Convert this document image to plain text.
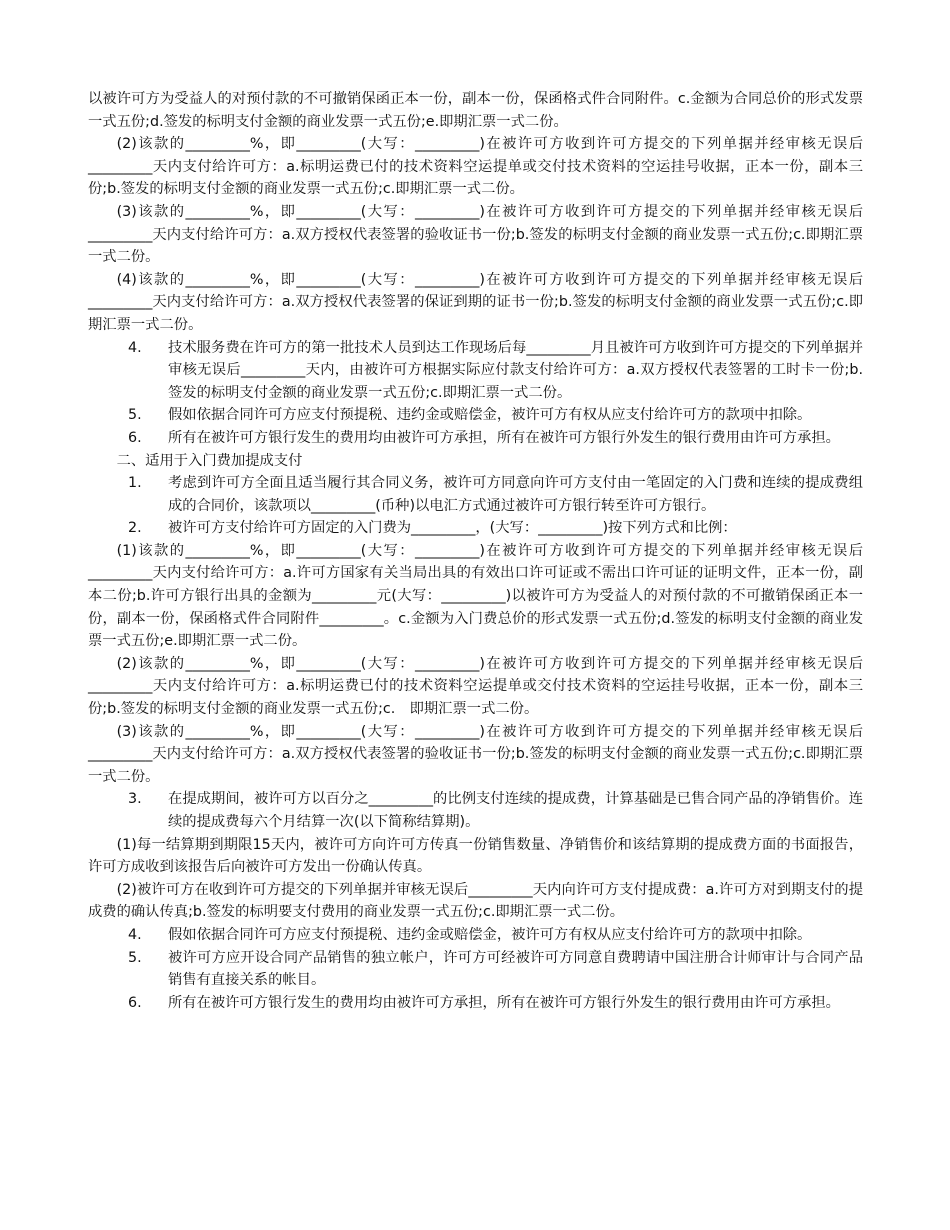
以被许可方为受益人的对预付款的不可撤销保函正本一份，副本一份，保函格式件合同附件。c.金额为合同总价的形式发票一式五份;d.签发的标明支付金额的商业发票一式五份;e.即期汇票一式二份。

(2)该款的_________%，即_________(大写：_________)在被许可方收到许可方提交的下列单据并经审核无误后_________天内支付给许可方：a.标明运费已付的技术资料空运提单或交付技术资料的空运挂号收据，正本一份，副本三份;b.签发的标明支付金额的商业发票一式五份;c.即期汇票一式二份。

(3)该款的_________%，即_________(大写：_________)在被许可方收到许可方提交的下列单据并经审核无误后_________天内支付给许可方：a.双方授权代表签署的验收证书一份;b.签发的标明支付金额的商业发票一式五份;c.即期汇票一式二份。

(4)该款的_________%，即_________(大写：_________)在被许可方收到许可方提交的下列单据并经审核无误后_________天内支付给许可方：a.双方授权代表签署的保证到期的证书一份;b.签发的标明支付金额的商业发票一式五份;c.即期汇票一式二份。

4. 技术服务费在许可方的第一批技术人员到达工作现场后每_________月且被许可方收到许可方提交的下列单据并审核无误后_________天内，由被许可方根据实际应付款支付给许可方：a.双方授权代表签署的工时卡一份;b.签发的标明支付金额的商业发票一式五份;c.即期汇票一式二份。
5. 假如依据合同许可方应支付预提税、违约金或赔偿金，被许可方有权从应支付给许可方的款项中扣除。
6. 所有在被许可方银行发生的费用均由被许可方承担，所有在被许可方银行外发生的银行费用由许可方承担。

二、适用于入门费加提成支付

1. 考虑到许可方全面且适当履行其合同义务，被许可方同意向许可方支付由一笔固定的入门费和连续的提成费组成的合同价，该款项以_________(币种)以电汇方式通过被许可方银行转至许可方银行。
2. 被许可方支付给许可方固定的入门费为_________，(大写：_________)按下列方式和比例：

(1)该款的_________%，即_________(大写：_________)在被许可方收到许可方提交的下列单据并经审核无误后_________天内支付给许可方：a.许可方国家有关当局出具的有效出口许可证或不需出口许可证的证明文件，正本一份，副本二份;b.许可方银行出具的金额为_________元(大写：_________)以被许可方为受益人的对预付款的不可撤销保函正本一份，副本一份，保函格式件合同附件_________。c.金额为入门费总价的形式发票一式五份;d.签发的标明支付金额的商业发票一式五份;e.即期汇票一式二份。

(2)该款的_________%，即_________(大写：_________)在被许可方收到许可方提交的下列单据并经审核无误后_________天内支付给许可方：a.标明运费已付的技术资料空运提单或交付技术资料的空运挂号收据，正本一份，副本三份;b.签发的标明支付金额的商业发票一式五份;c.　即期汇票一式二份。

(3)该款的_________%，即_________(大写：_________)在被许可方收到许可方提交的下列单据并经审核无误后_________天内支付给许可方：a.双方授权代表签署的验收证书一份;b.签发的标明支付金额的商业发票一式五份;c.即期汇票一式二份。

3. 在提成期间，被许可方以百分之_________的比例支付连续的提成费，计算基础是已售合同产品的净销售价。连续的提成费每六个月结算一次(以下简称结算期)。

(1)每一结算期到期限15天内，被许可方向许可方传真一份销售数量、净销售价和该结算期的提成费方面的书面报告，许可方成收到该报告后向被许可方发出一份确认传真。

(2)被许可方在收到许可方提交的下列单据并审核无误后_________天内向许可方支付提成费：a.许可方对到期支付的提成费的确认传真;b.签发的标明要支付费用的商业发票一式五份;c.即期汇票一式二份。

4. 假如依据合同许可方应支付预提税、违约金或赔偿金，被许可方有权从应支付给许可方的款项中扣除。
5. 被许可方应开设合同产品销售的独立帐户，许可方可经被许可方同意自费聘请中国注册合计师审计与合同产品销售有直接关系的帐目。
6. 所有在被许可方银行发生的费用均由被许可方承担，所有在被许可方银行外发生的银行费用由许可方承担。
